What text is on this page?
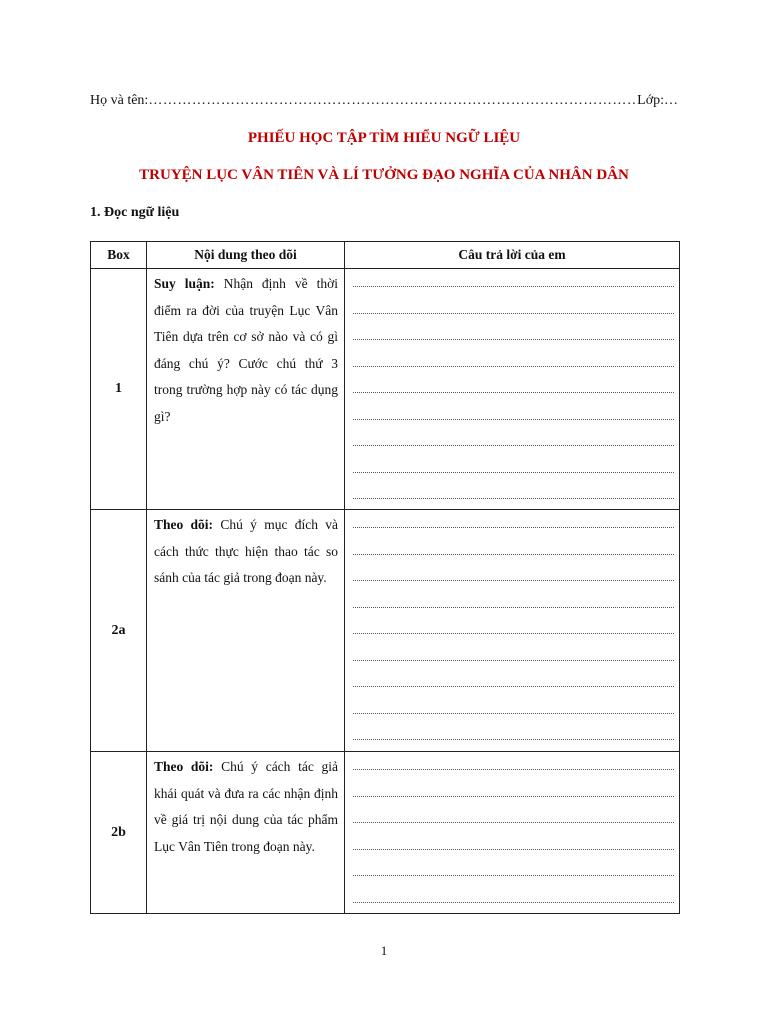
Họ và tên: …………………………………………………………………………………………………………………………………………	Lớp:…
PHIẾU HỌC TẬP TÌM HIỂU NGỮ LIỆU
TRUYỆN LỤC VÂN TIÊN VÀ LÍ TƯỞNG ĐẠO NGHĨA CỦA NHÂN DÂN
1. Đọc ngữ liệu
Box	Nội dung theo dõi	Câu trả lời của em
1	Suy luận: Nhận định về thời điểm ra đời của truyện Lục Vân Tiên dựa trên cơ sở nào và có gì đáng chú ý? Cước chú thứ 3 trong trường hợp này có tác dụng gì?	

2a	Theo dõi: Chú ý mục đích và cách thức thực hiện thao tác so sánh của tác giả trong đoạn này.	

2b	Theo dõi: Chú ý cách tác giả khái quát và đưa ra các nhận định về giá trị nội dung của tác phẩm Lục Vân Tiên trong đoạn này.	
1
